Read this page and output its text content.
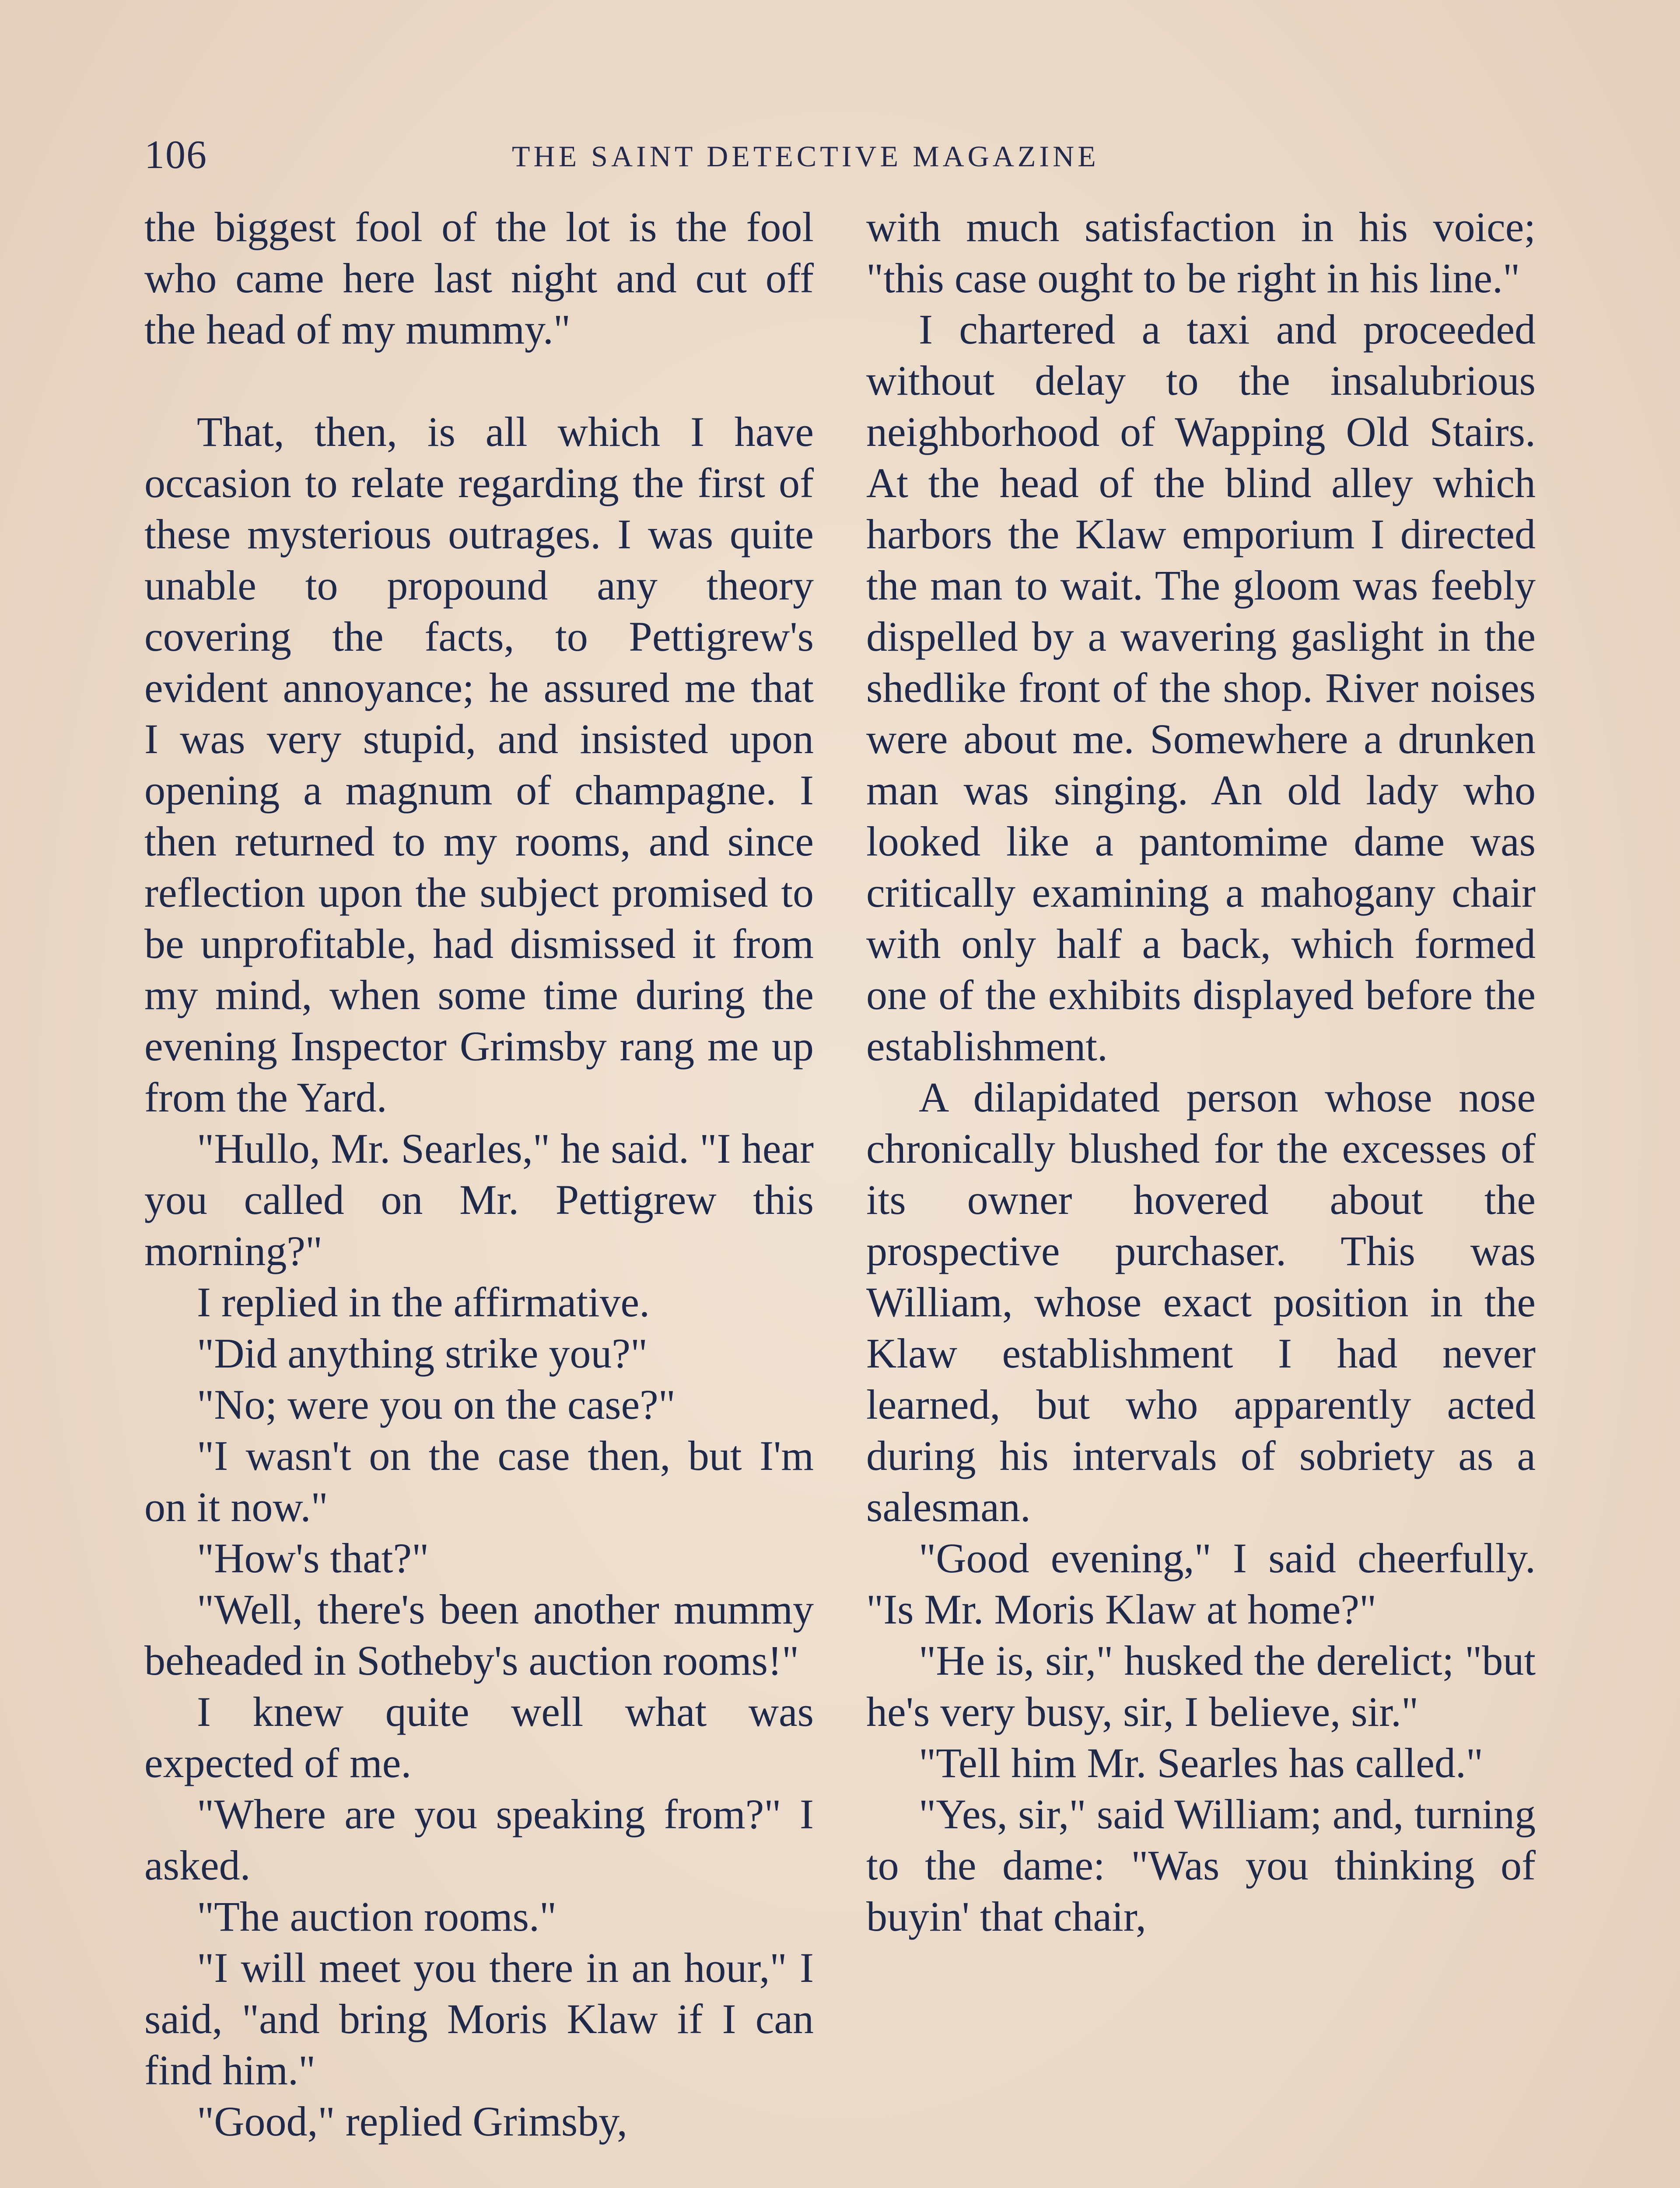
106	THE SAINT DETECTIVE MAGAZINE

the biggest fool of the lot is the fool who came here last night and cut off the head of my mummy."

That, then, is all which I have occasion to relate regarding the first of these mysterious outrages. I was quite unable to propound any theory covering the facts, to Pettigrew's evident annoyance; he assured me that I was very stupid, and insisted upon opening a magnum of champagne. I then returned to my rooms, and since reflection upon the subject promised to be unprofitable, had dismissed it from my mind, when some time during the evening Inspector Grimsby rang me up from the Yard.

"Hullo, Mr. Searles," he said. "I hear you called on Mr. Pettigrew this morning?"

I replied in the affirmative.

"Did anything strike you?"

"No; were you on the case?"

"I wasn't on the case then, but I'm on it now."

"How's that?"

"Well, there's been another mummy beheaded in Sotheby's auction rooms!"

I knew quite well what was expected of me.

"Where are you speaking from?" I asked.

"The auction rooms."

"I will meet you there in an hour," I said, "and bring Moris Klaw if I can find him."

"Good," replied Grimsby,

with much satisfaction in his voice; "this case ought to be right in his line."

I chartered a taxi and proceeded without delay to the insalubrious neighborhood of Wapping Old Stairs. At the head of the blind alley which harbors the Klaw emporium I directed the man to wait. The gloom was feebly dispelled by a wavering gaslight in the shedlike front of the shop. River noises were about me. Somewhere a drunken man was singing. An old lady who looked like a pantomime dame was critically examining a mahogany chair with only half a back, which formed one of the exhibits displayed before the establishment.

A dilapidated person whose nose chronically blushed for the excesses of its owner hovered about the prospective purchaser. This was William, whose exact position in the Klaw establishment I had never learned, but who apparently acted during his intervals of sobriety as a salesman.

"Good evening," I said cheerfully. "Is Mr. Moris Klaw at home?"

"He is, sir," husked the derelict; "but he's very busy, sir, I believe, sir."

"Tell him Mr. Searles has called."

"Yes, sir," said William; and, turning to the dame: "Was you thinking of buyin' that chair,
